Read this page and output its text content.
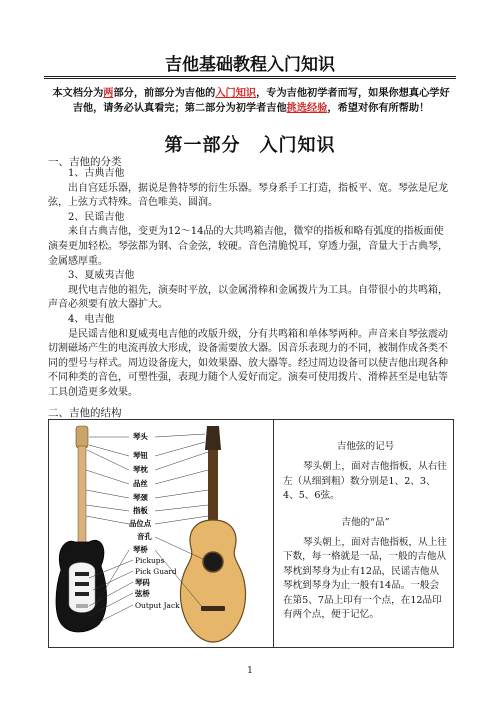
吉他基础教程入门知识
本文档分为两部分，前部分为吉他的入门知识，专为吉他初学者而写，如果你想真心学好吉他，请务必认真看完；第二部分为初学者吉他挑选经验，希望对你有所帮助！
第一部分　入门知识
一、吉他的分类

1、古典吉他

出自宫廷乐器，据说是鲁特琴的衍生乐器。琴身系手工打造，指板平、宽。琴弦是尼龙弦，上弦方式特殊。音色唯美、圆润。

2、民谣吉他

来自古典吉他，变更为12～14品的大共鸣箱吉他，微窄的指板和略有弧度的指板面使演奏更加轻松。琴弦都为钢、合金弦，较硬。音色清脆悦耳，穿透力强，音量大于古典琴，金属感厚重。

3、夏威夷吉他

现代电吉他的祖先，演奏时平放，以金属滑棒和金属拨片为工具。自带很小的共鸣箱，声音必须要有放大器扩大。

4、电吉他

是民谣吉他和夏威夷电吉他的改版升级，分有共鸣箱和单体琴两种。声音来自琴弦震动切割磁场产生的电流再放大形成，设备需要放大器。因音乐表现力的不同，被制作成各类不同的型号与样式。周边设备庞大，如效果器、放大器等。经过周边设备可以使吉他出现各种不同种类的音色，可塑性强，表现力随个人爱好而定。演奏可使用拨片、滑棒甚至是电钻等工具创造更多效果。

二、吉他的结构
琴头
琴钮
琴枕
品丝
琴颈
指板
品位点
音孔
琴桥
Pickups
Pick Guard
琴码
弦桥
Output Jack

吉他弦的记号

琴头朝上，面对吉他指板，从右往左（从细到粗）数分别是1、2、3、4、5、6弦。

吉他的“品”

琴头朝上，面对吉他指板，从上往下数，每一格就是一品，一般的吉他从琴枕到琴身为止有12品，民谣吉他从琴枕到琴身为止一般有14品。一般会在第5、7品上印有一个点，在12品印有两个点，便于记忆。

1
